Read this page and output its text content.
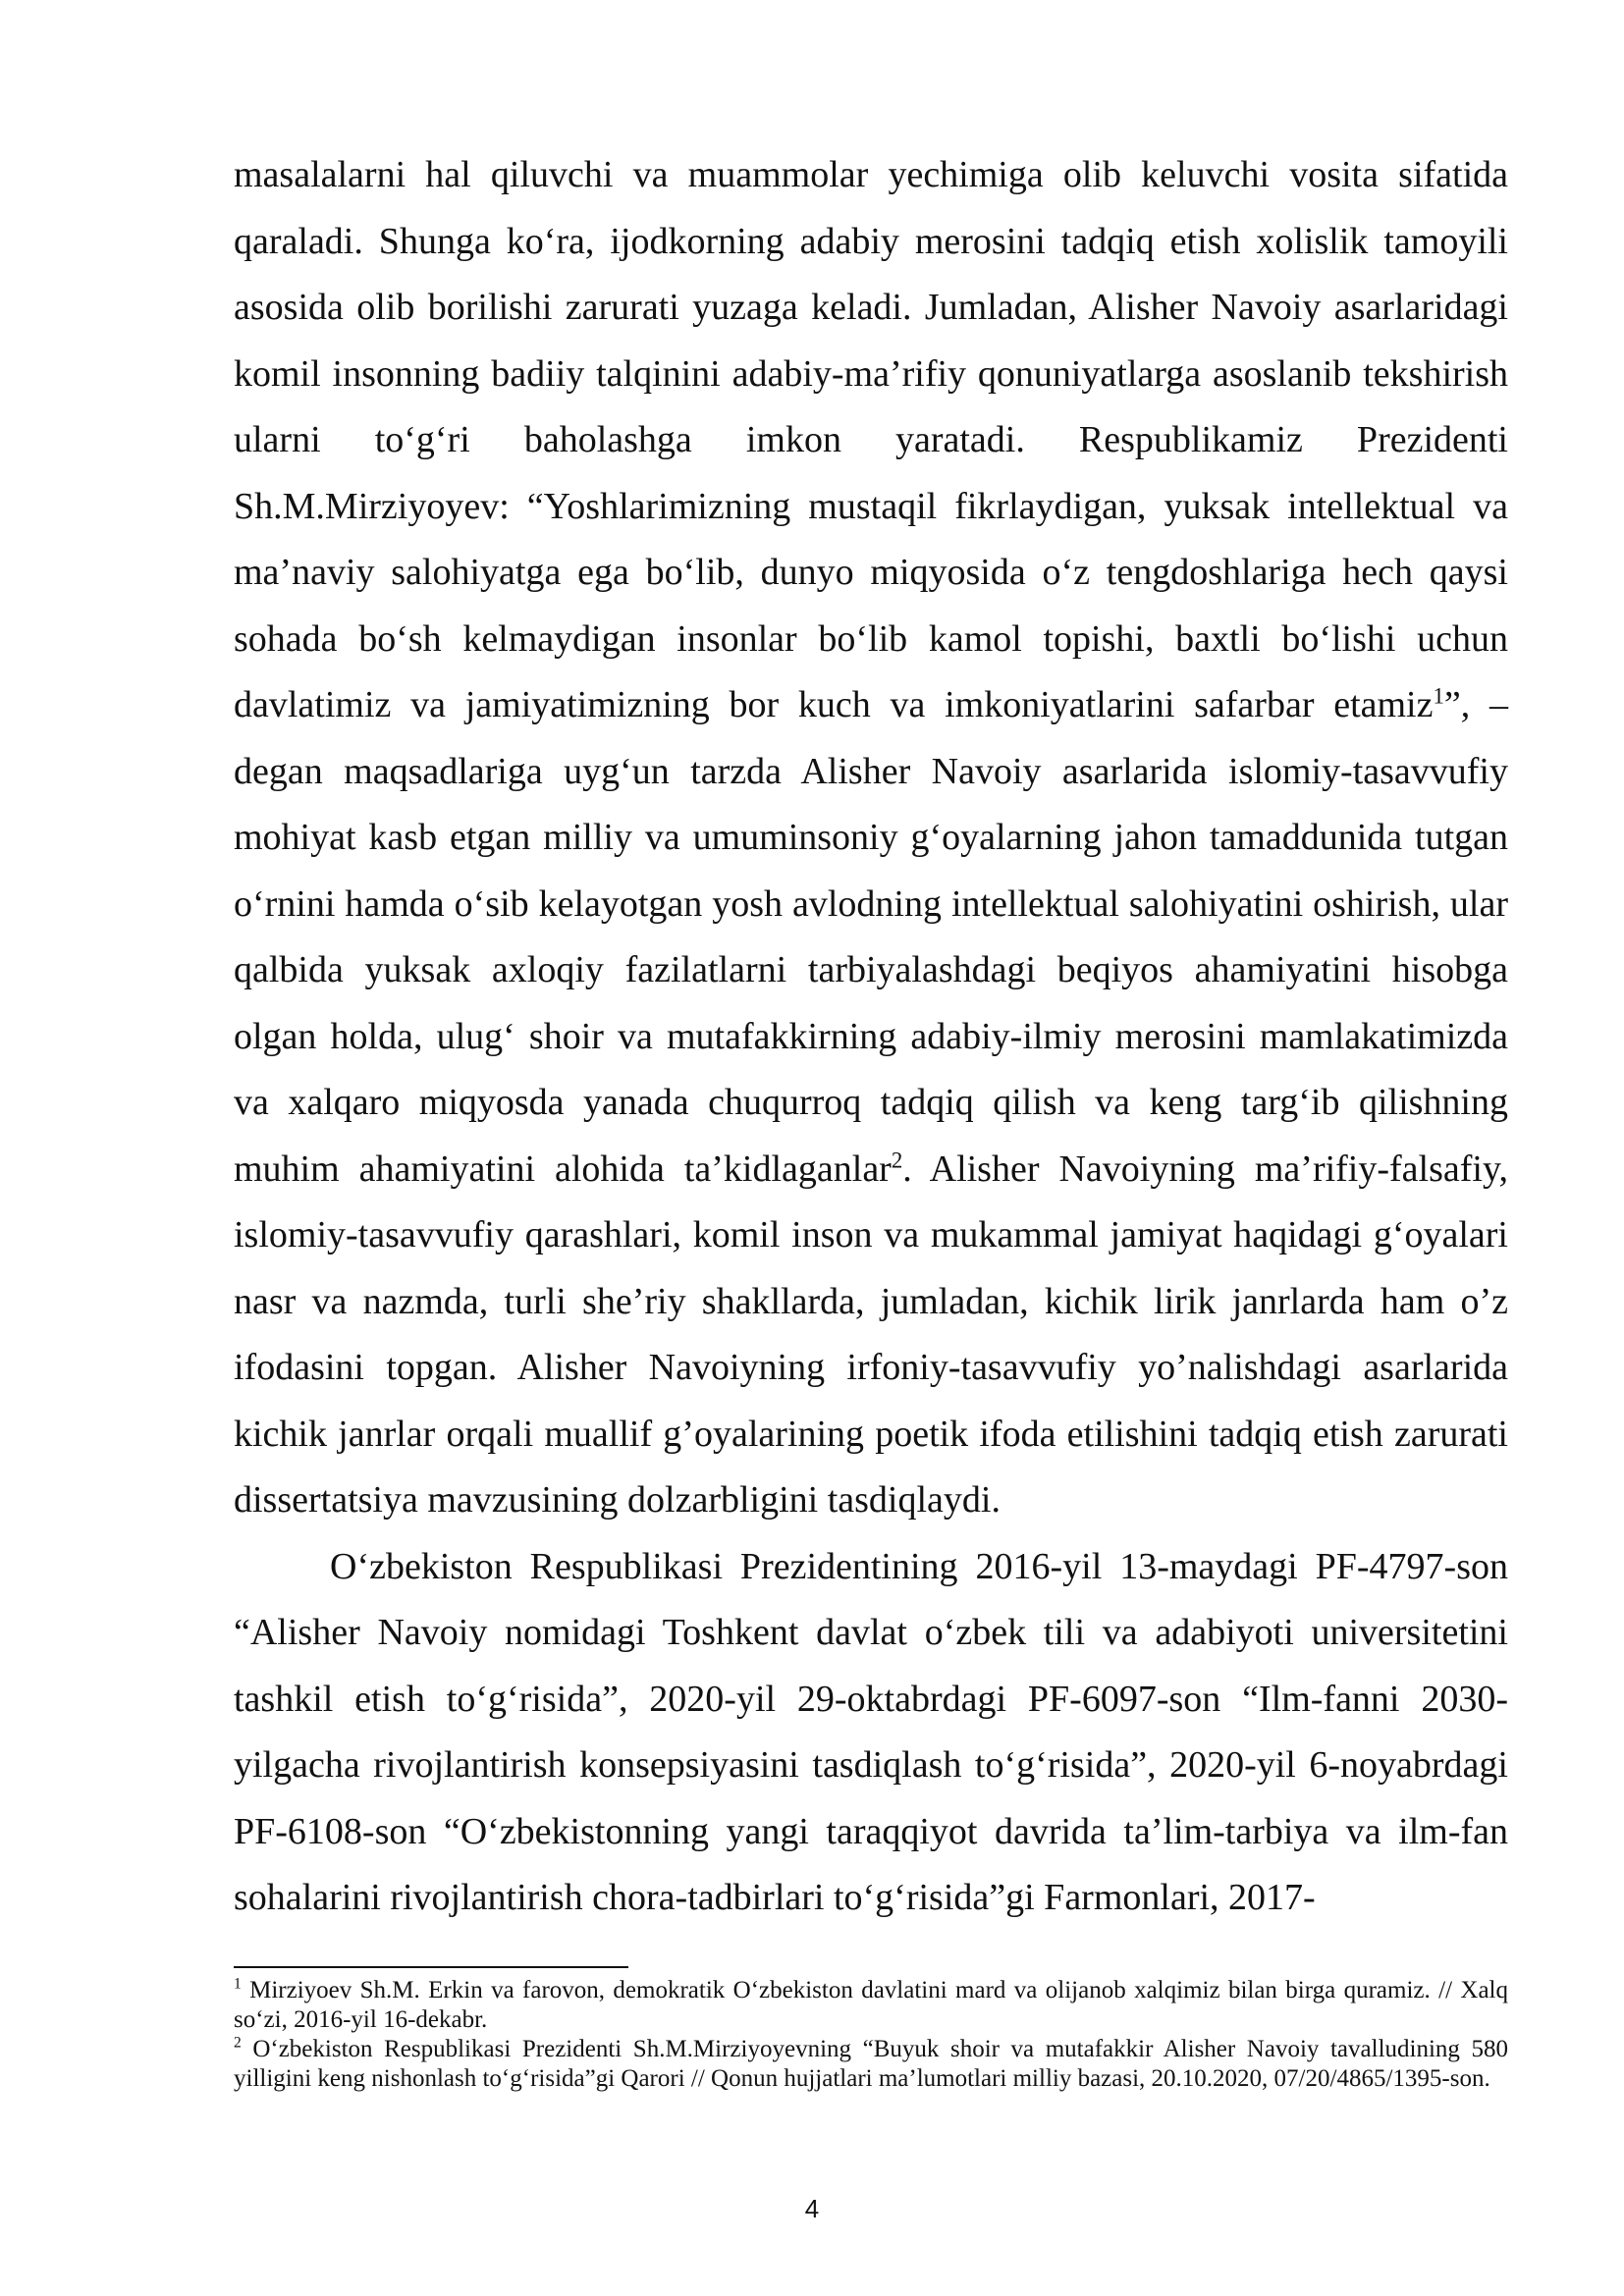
masalalarni hal qiluvchi va muammolar yechimiga olib keluvchi vosita sifatida qaraladi. Shunga ko‘ra, ijodkorning adabiy merosini tadqiq etish xolislik tamoyili asosida olib borilishi zarurati yuzaga keladi. Jumladan, Alisher Navoiy asarlaridagi komil insonning badiiy talqinini adabiy-ma’rifiy qonuniyatlarga asoslanib tekshirish ularni to‘g‘ri baholashga imkon yaratadi. Respublikamiz Prezidenti Sh.M.Mirziyoyev: “Yoshlarimizning mustaqil fikrlaydigan, yuksak intellektual va ma’naviy salohiyatga ega bo‘lib, dunyo miqyosida o‘z tengdoshlariga hech qaysi sohada bo‘sh kelmaydigan insonlar bo‘lib kamol topishi, baxtli bo‘lishi uchun davlatimiz va jamiyatimizning bor kuch va imkoniyatlarini safarbar etamiz$^1$”, – degan maqsadlariga uyg‘un tarzda Alisher Navoiy asarlarida islomiy-tasavvufiy mohiyat kasb etgan milliy va umuminsoniy g‘oyalarning jahon tamaddunida tutgan o‘rnini hamda o‘sib kelayotgan yosh avlodning intellektual salohiyatini oshirish, ular qalbida yuksak axloqiy fazilatlarni tarbiyalashdagi beqiyos ahamiyatini hisobga olgan holda, ulug‘ shoir va mutafakkirning adabiy-ilmiy merosini mamlakatimizda va xalqaro miqyosda yanada chuqurroq tadqiq qilish va keng targ‘ib qilishning muhim ahamiyatini alohida ta’kidlaganlar$^2$. Alisher Navoiyning ma’rifiy-falsafiy, islomiy-tasavvufiy qarashlari, komil inson va mukammal jamiyat haqidagi g‘oyalari nasr va nazmda, turli she’riy shakllarda, jumladan, kichik lirik janrlarda ham o’z ifodasini topgan. Alisher Navoiyning irfoniy-tasavvufiy yo’nalishdagi asarlarida kichik janrlar orqali muallif g’oyalarining poetik ifoda etilishini tadqiq etish zarurati dissertatsiya mavzusining dolzarbligini tasdiqlaydi.

O‘zbekiston Respublikasi Prezidentining 2016-yil 13-maydagi PF-4797-son “Alisher Navoiy nomidagi Toshkent davlat o‘zbek tili va adabiyoti universitetini tashkil etish to‘g‘risida”, 2020-yil 29-oktabrdagi PF-6097-son “Ilm-fanni 2030-yilgacha rivojlantirish konsepsiyasini tasdiqlash to‘g‘risida”, 2020-yil 6-noyabrdagi PF-6108-son “O‘zbekistonning yangi taraqqiyot davrida ta’lim-tarbiya va ilm-fan sohalarini rivojlantirish chora-tadbirlari to‘g‘risida”gi Farmonlari, 2017-

$^1$ Mirziyoev Sh.M. Erkin va farovon, demokratik O‘zbekiston davlatini mard va olijanob xalqimiz bilan birga quramiz. // Xalq so‘zi, 2016-yil 16-dekabr.

$^2$ O‘zbekiston Respublikasi Prezidenti Sh.M.Mirziyoyevning “Buyuk shoir va mutafakkir Alisher Navoiy tavalludining 580 yilligini keng nishonlash to‘g‘risida”gi Qarori // Qonun hujjatlari ma’lumotlari milliy bazasi, 20.10.2020, 07/20/4865/1395-son.

4
